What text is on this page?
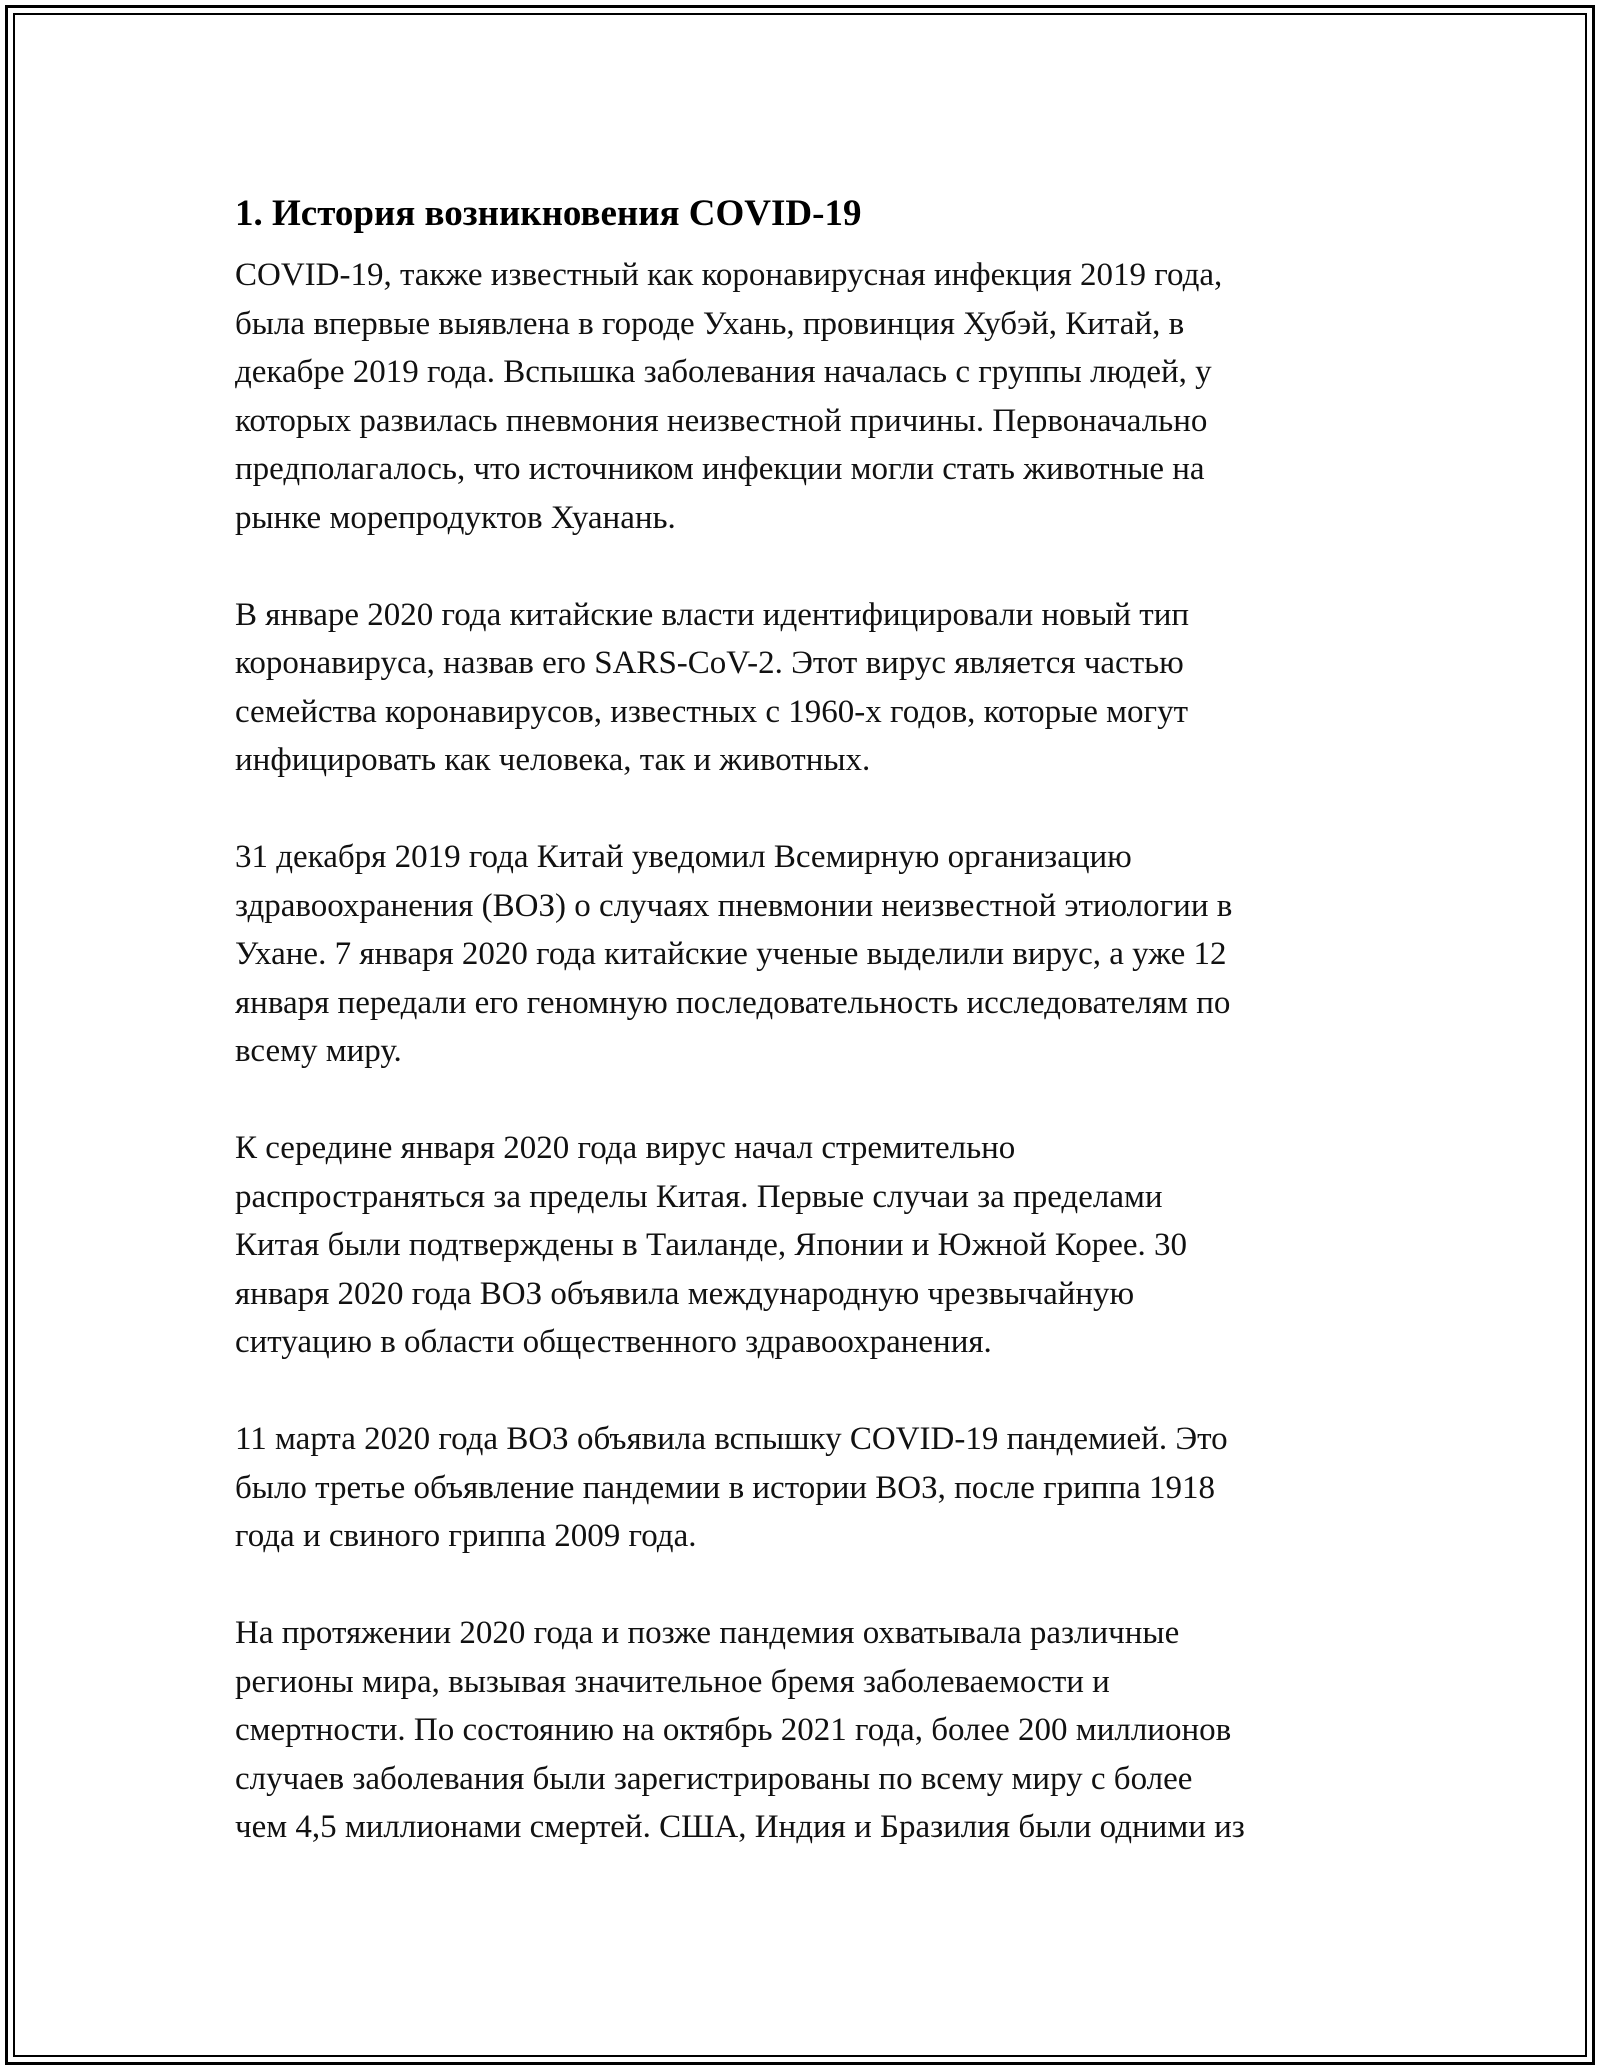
1. История возникновения COVID-19

COVID-19, также известный как коронавирусная инфекция 2019 года,
была впервые выявлена в городе Ухань, провинция Хубэй, Китай, в
декабре 2019 года. Вспышка заболевания началась с группы людей, у
которых развилась пневмония неизвестной причины. Первоначально
предполагалось, что источником инфекции могли стать животные на
рынке морепродуктов Хуанань.

В январе 2020 года китайские власти идентифицировали новый тип
коронавируса, назвав его SARS-CoV-2. Этот вирус является частью
семейства коронавирусов, известных с 1960-х годов, которые могут
инфицировать как человека, так и животных.

31 декабря 2019 года Китай уведомил Всемирную организацию
здравоохранения (ВОЗ) о случаях пневмонии неизвестной этиологии в
Ухане. 7 января 2020 года китайские ученые выделили вирус, а уже 12
января передали его геномную последовательность исследователям по
всему миру.

К середине января 2020 года вирус начал стремительно
распространяться за пределы Китая. Первые случаи за пределами
Китая были подтверждены в Таиланде, Японии и Южной Корее. 30
января 2020 года ВОЗ объявила международную чрезвычайную
ситуацию в области общественного здравоохранения.

11 марта 2020 года ВОЗ объявила вспышку COVID-19 пандемией. Это
было третье объявление пандемии в истории ВОЗ, после гриппа 1918
года и свиного гриппа 2009 года.

На протяжении 2020 года и позже пандемия охватывала различные
регионы мира, вызывая значительное бремя заболеваемости и
смертности. По состоянию на октябрь 2021 года, более 200 миллионов
случаев заболевания были зарегистрированы по всему миру с более
чем 4,5 миллионами смертей. США, Индия и Бразилия были одними из
